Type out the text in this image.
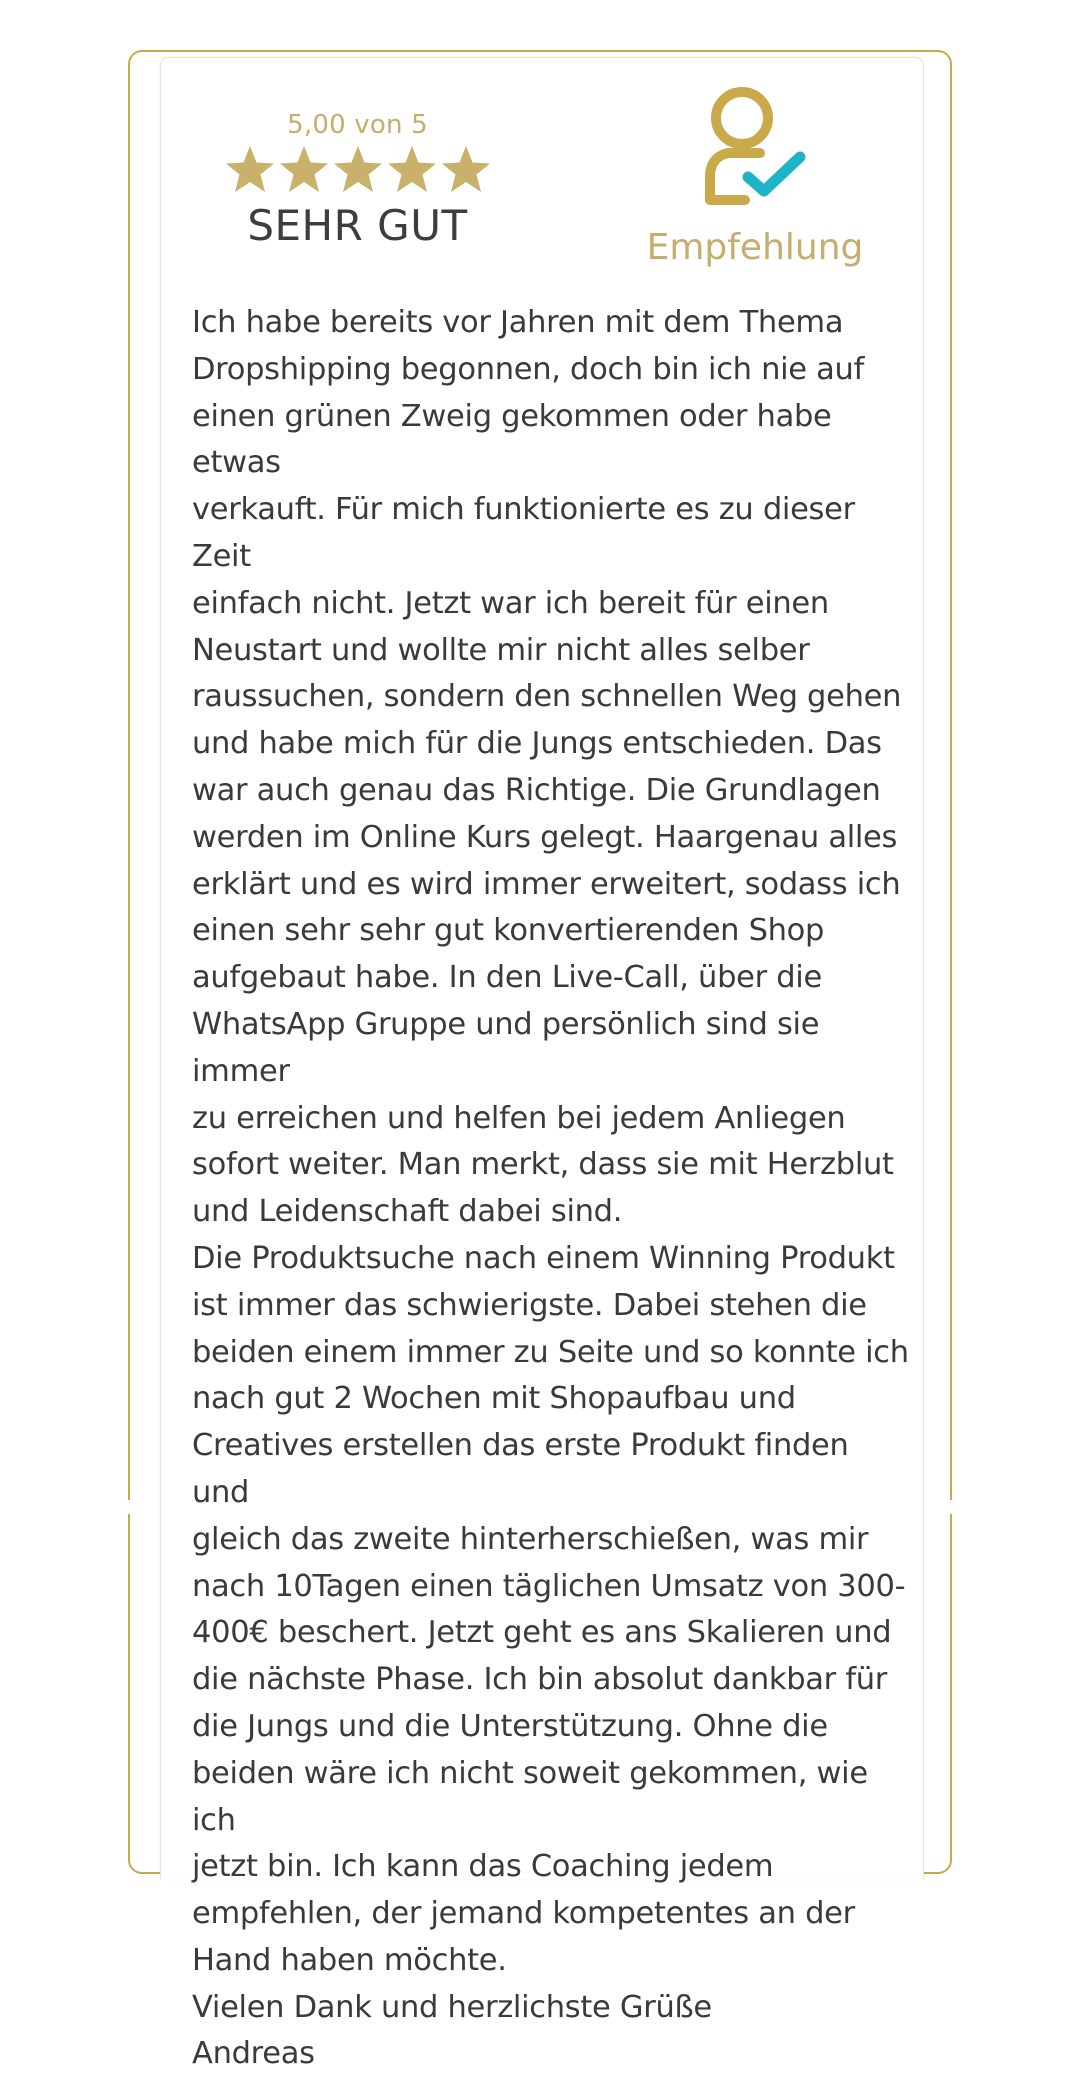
5,00 von 5
SEHR GUT	Empfehlung

Ich habe bereits vor Jahren mit dem Thema
Dropshipping begonnen, doch bin ich nie auf
einen grünen Zweig gekommen oder habe etwas
verkauft. Für mich funktionierte es zu dieser Zeit
einfach nicht. Jetzt war ich bereit für einen
Neustart und wollte mir nicht alles selber
raussuchen, sondern den schnellen Weg gehen
und habe mich für die Jungs entschieden. Das
war auch genau das Richtige. Die Grundlagen
werden im Online Kurs gelegt. Haargenau alles
erklärt und es wird immer erweitert, sodass ich
einen sehr sehr gut konvertierenden Shop
aufgebaut habe. In den Live-Call, über die
WhatsApp Gruppe und persönlich sind sie immer
zu erreichen und helfen bei jedem Anliegen
sofort weiter. Man merkt, dass sie mit Herzblut
und Leidenschaft dabei sind.

Die Produktsuche nach einem Winning Produkt
ist immer das schwierigste. Dabei stehen die
beiden einem immer zu Seite und so konnte ich
nach gut 2 Wochen mit Shopaufbau und
Creatives erstellen das erste Produkt finden und
gleich das zweite hinterherschießen, was mir
nach 10Tagen einen täglichen Umsatz von 300-
400€ beschert. Jetzt geht es ans Skalieren und
die nächste Phase. Ich bin absolut dankbar für
die Jungs und die Unterstützung. Ohne die
beiden wäre ich nicht soweit gekommen, wie ich
jetzt bin. Ich kann das Coaching jedem
empfehlen, der jemand kompetentes an der
Hand haben möchte.

Vielen Dank und herzlichste Grüße

Andreas
